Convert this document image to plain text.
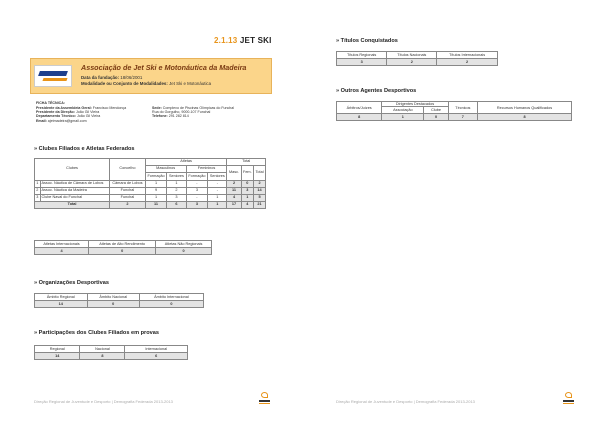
2.1.13 JET SKI
Associação de Jet Ski e Motonáutica da Madeira
Data da fundação: 18/06/2001
Modalidade ou Conjunto de Modalidades: Jet Ski e Motonáutica
FICHA TÉCNICA:
Presidente da Assembleia Geral: Francisco Mendonça
Presidente da Direção: João Gil Vieira
Departamento Técnico: João Gil Vieira
Email: ajetmadeira@gmail.com
Sede: Complexo de Piscinas Olímpicas do Funchal
Rua do Gorgulho, 9000-107 Funchal
Telefone: 291 282 814
» Clubes Filiados e Atletas Federados
Clubes		Concelho	Atletas				Total		
			Masculinos		Femininos		Masc.	Fem.	Total
			Formação	Seniores	Formação	Seniores			
1	Assoc. Náutica de Câmara de Lobos	Câmara de Lobos	1	1	-	-	2	0	2
2	Assoc. Náutica da Madeira	Funchal	9	2	3	-	11	3	14
3	Clube Naval do Funchal	Funchal	1	3	-	1	4	1	5
Total		2	11	6	3	1	17	4	21
Atletas Internacionais	Atletas de Alto Rendimento	Atletas Não Regionais
4	0	0
» Organizações Desportivas
Âmbito Regional	Âmbito Nacional	Âmbito Internacional
14	0	0
» Participações dos Clubes Filiados em provas
Regional	Nacional	Internacional
14	8	6
Direção Regional de Juventude e Desporto | Demografia Federada 2013-2013
» Títulos Conquistados
Títulos Regionais	Títulos Nacionais	Títulos Internacionais
3	2	2
» Outros Agentes Desportivos
Árbitros/Juízes	Dirigentes Destacados		Técnicos	Recursos Humanos Qualificados
	Associação	Clube		
8	1	0	7	8
Direção Regional de Juventude e Desporto | Demografia Federada 2013-2013
